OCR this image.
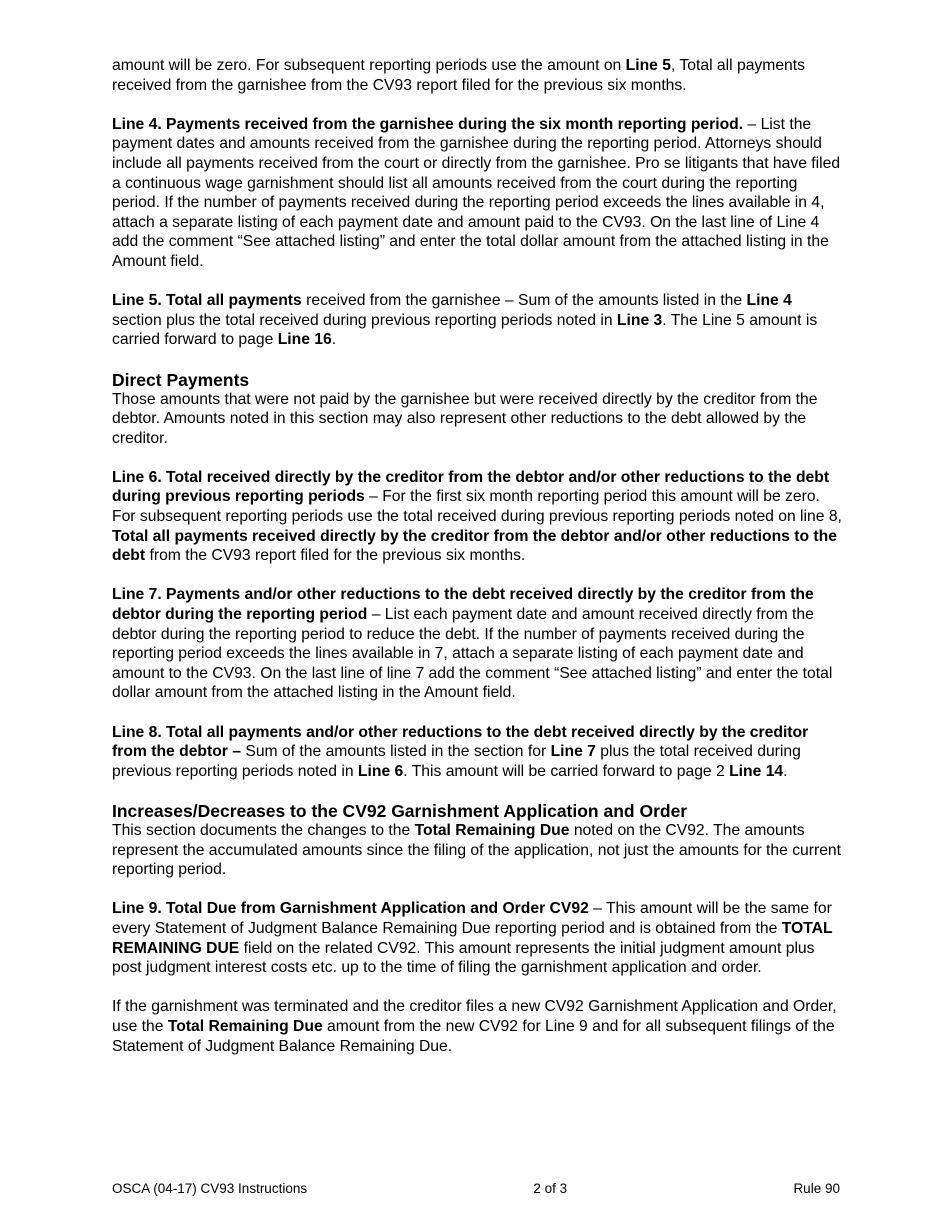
amount will be zero. For subsequent reporting periods use the amount on Line 5, Total all payments received from the garnishee from the CV93 report filed for the previous six months.

Line 4. Payments received from the garnishee during the six month reporting period. – List the payment dates and amounts received from the garnishee during the reporting period. Attorneys should include all payments received from the court or directly from the garnishee. Pro se litigants that have filed a continuous wage garnishment should list all amounts received from the court during the reporting period. If the number of payments received during the reporting period exceeds the lines available in 4, attach a separate listing of each payment date and amount paid to the CV93. On the last line of Line 4 add the comment “See attached listing” and enter the total dollar amount from the attached listing in the Amount field.

Line 5. Total all payments received from the garnishee – Sum of the amounts listed in the Line 4 section plus the total received during previous reporting periods noted in Line 3. The Line 5 amount is carried forward to page Line 16.

Direct Payments

Those amounts that were not paid by the garnishee but were received directly by the creditor from the debtor. Amounts noted in this section may also represent other reductions to the debt allowed by the creditor.

Line 6. Total received directly by the creditor from the debtor and/or other reductions to the debt during previous reporting periods – For the first six month reporting period this amount will be zero. For subsequent reporting periods use the total received during previous reporting periods noted on line 8, Total all payments received directly by the creditor from the debtor and/or other reductions to the debt from the CV93 report filed for the previous six months.

Line 7. Payments and/or other reductions to the debt received directly by the creditor from the debtor during the reporting period – List each payment date and amount received directly from the debtor during the reporting period to reduce the debt. If the number of payments received during the reporting period exceeds the lines available in 7, attach a separate listing of each payment date and amount to the CV93. On the last line of line 7 add the comment “See attached listing” and enter the total dollar amount from the attached listing in the Amount field.

Line 8. Total all payments and/or other reductions to the debt received directly by the creditor from the debtor – Sum of the amounts listed in the section for Line 7 plus the total received during previous reporting periods noted in Line 6. This amount will be carried forward to page 2 Line 14.

Increases/Decreases to the CV92 Garnishment Application and Order

This section documents the changes to the Total Remaining Due noted on the CV92. The amounts represent the accumulated amounts since the filing of the application, not just the amounts for the current reporting period.

Line 9. Total Due from Garnishment Application and Order CV92 – This amount will be the same for every Statement of Judgment Balance Remaining Due reporting period and is obtained from the TOTAL REMAINING DUE field on the related CV92. This amount represents the initial judgment amount plus post judgment interest costs etc. up to the time of filing the garnishment application and order.

If the garnishment was terminated and the creditor files a new CV92 Garnishment Application and Order, use the Total Remaining Due amount from the new CV92 for Line 9 and for all subsequent filings of the Statement of Judgment Balance Remaining Due.

OSCA (04-17) CV93 Instructions	2 of 3	Rule 90
